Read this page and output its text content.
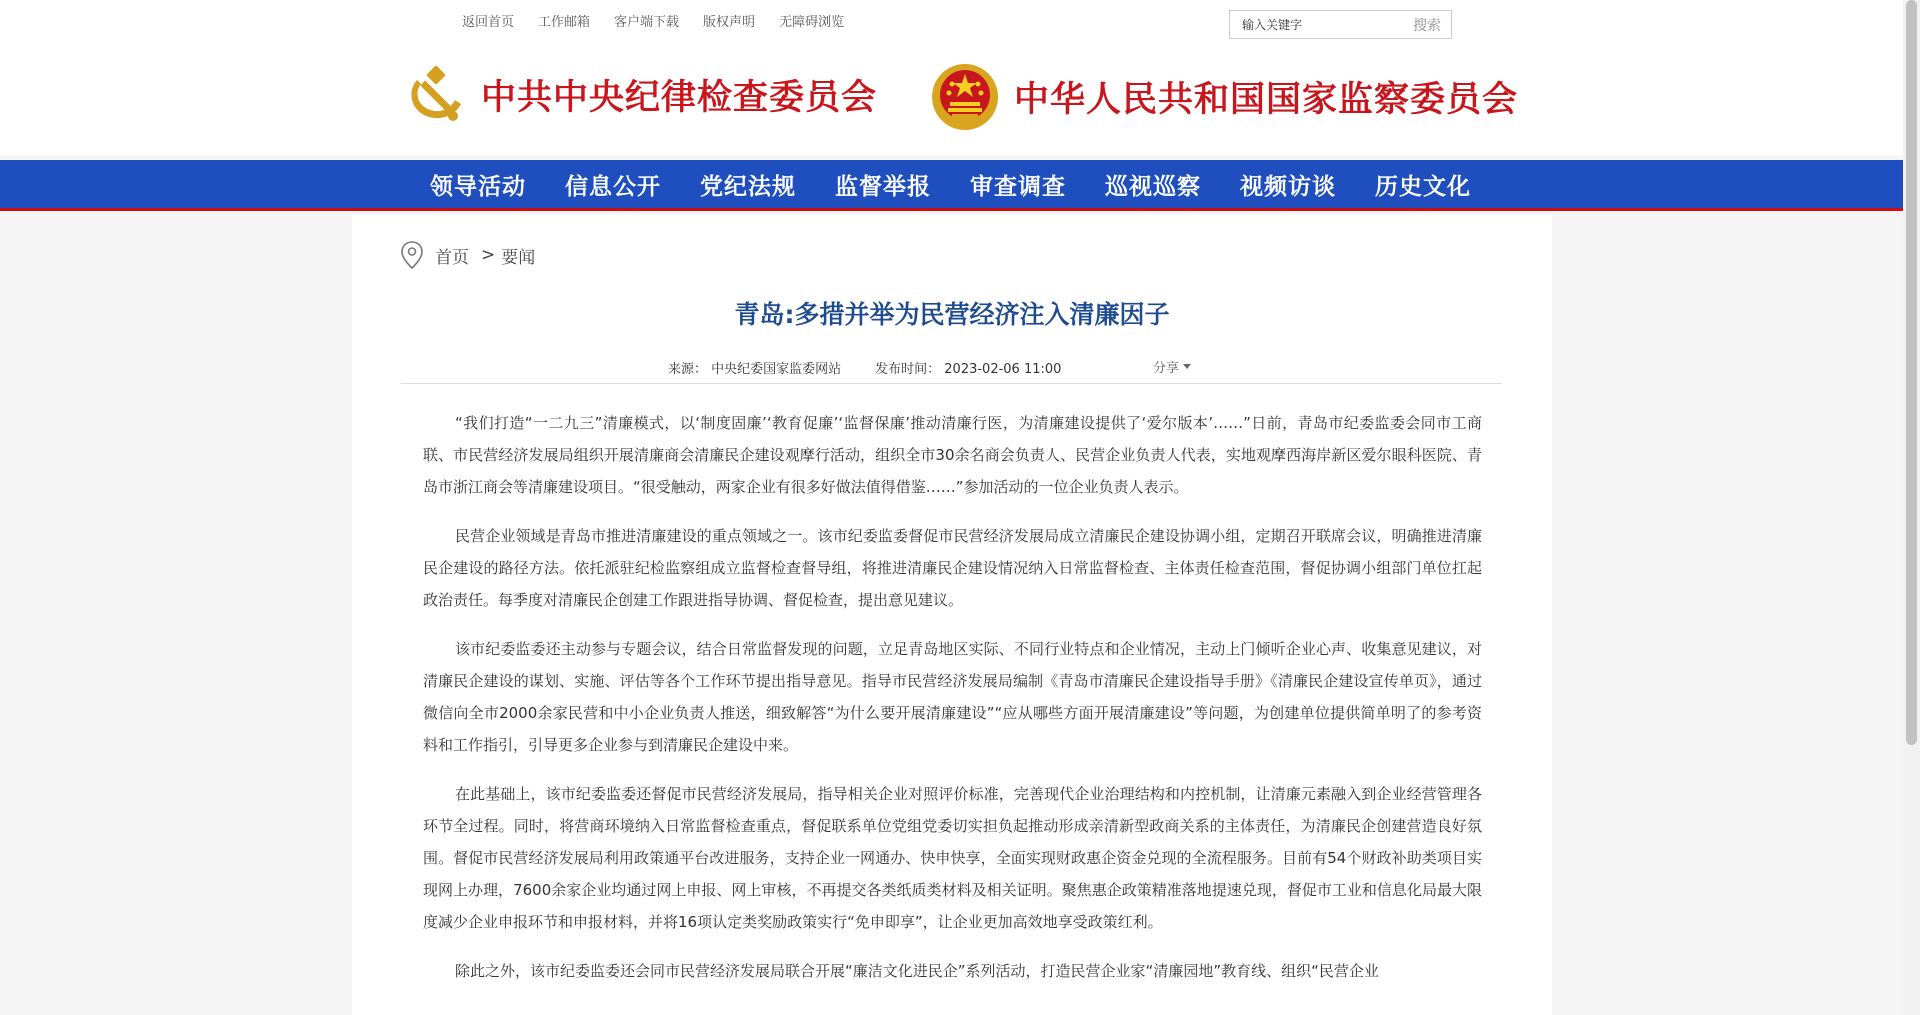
返回首页 工作邮箱 客户端下载 版权声明 无障碍浏览
输入关键字	搜索
中共中央纪律检查委员会	中华人民共和国国家监察委员会
领导活动	信息公开	党纪法规	监督举报	审查调查	巡视巡察	视频访谈	历史文化
首页 > 要闻
青岛:多措并举为民营经济注入清廉因子
来源： 中央纪委国家监委网站	发布时间： 2023-02-06 11:00	分享

“我们打造“一二九三”清廉模式，以‘制度固廉’‘教育促廉’‘监督保廉’推动清廉行医，为清廉建设提供了‘爱尔版本’……”日前，青岛市纪委监委会同市工商联、市民营经济发展局组织开展清廉商会清廉民企建设观摩行活动，组织全市30余名商会负责人、民营企业负责人代表，实地观摩西海岸新区爱尔眼科医院、青岛市浙江商会等清廉建设项目。“很受触动，两家企业有很多好做法值得借鉴……”参加活动的一位企业负责人表示。

民营企业领域是青岛市推进清廉建设的重点领域之一。该市纪委监委督促市民营经济发展局成立清廉民企建设协调小组，定期召开联席会议，明确推进清廉民企建设的路径方法。依托派驻纪检监察组成立监督检查督导组，将推进清廉民企建设情况纳入日常监督检查、主体责任检查范围，督促协调小组部门单位扛起政治责任。每季度对清廉民企创建工作跟进指导协调、督促检查，提出意见建议。

该市纪委监委还主动参与专题会议，结合日常监督发现的问题，立足青岛地区实际、不同行业特点和企业情况，主动上门倾听企业心声、收集意见建议，对清廉民企建设的谋划、实施、评估等各个工作环节提出指导意见。指导市民营经济发展局编制《青岛市清廉民企建设指导手册》《清廉民企建设宣传单页》，通过微信向全市2000余家民营和中小企业负责人推送，细致解答“为什么要开展清廉建设”“应从哪些方面开展清廉建设”等问题，为创建单位提供简单明了的参考资料和工作指引，引导更多企业参与到清廉民企建设中来。

在此基础上，该市纪委监委还督促市民营经济发展局，指导相关企业对照评价标准，完善现代企业治理结构和内控机制，让清廉元素融入到企业经营管理各环节全过程。同时，将营商环境纳入日常监督检查重点，督促联系单位党组党委切实担负起推动形成亲清新型政商关系的主体责任，为清廉民企创建营造良好氛围。督促市民营经济发展局利用政策通平台改进服务，支持企业一网通办、快申快享，全面实现财政惠企资金兑现的全流程服务。目前有54个财政补助类项目实现网上办理，7600余家企业均通过网上申报、网上审核，不再提交各类纸质类材料及相关证明。聚焦惠企政策精准落地提速兑现，督促市工业和信息化局最大限度减少企业申报环节和申报材料，并将16项认定类奖励政策实行“免申即享”，让企业更加高效地享受政策红利。

除此之外，该市纪委监委还会同市民营经济发展局联合开展“廉洁文化进民企”系列活动，打造民营企业家“清廉园地”教育线、组织“民营企业
